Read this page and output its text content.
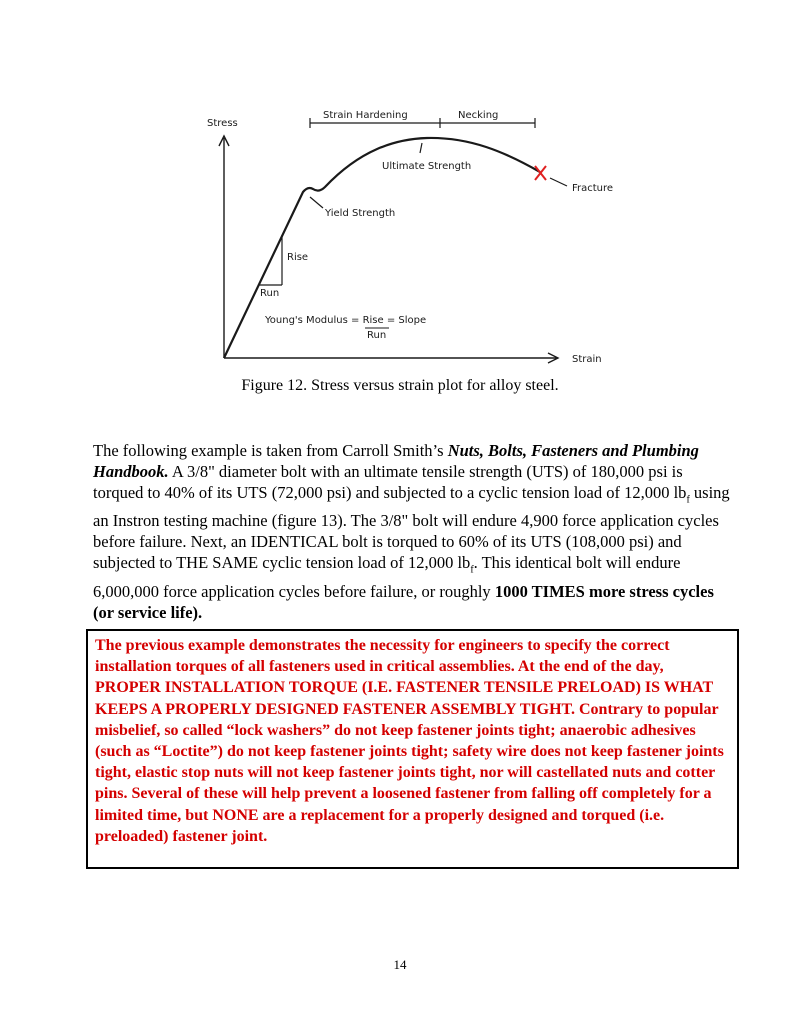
Stress
Strain
Strain Hardening	Necking
Ultimate Strength
Fracture
Yield Strength
Rise
Run
Young's Modulus = Rise = Slope
Run
Figure 12. Stress versus strain plot for alloy steel.
The following example is taken from Carroll Smith’s Nuts, Bolts, Fasteners and Plumbing Handbook. A 3/8" diameter bolt with an ultimate tensile strength (UTS) of 180,000 psi is torqued to 40% of its UTS (72,000 psi) and subjected to a cyclic tension load of 12,000 $lb_f$ using an Instron testing machine (figure 13). The 3/8" bolt will endure 4,900 force application cycles before failure. Next, an IDENTICAL bolt is torqued to 60% of its UTS (108,000 psi) and subjected to THE SAME cyclic tension load of 12,000 $lb_f$. This identical bolt will endure 6,000,000 force application cycles before failure, or roughly 1000 TIMES more stress cycles (or service life).
The previous example demonstrates the necessity for engineers to specify the correct installation torques of all fasteners used in critical assemblies. At the end of the day, PROPER INSTALLATION TORQUE (I.E. FASTENER TENSILE PRELOAD) IS WHAT KEEPS A PROPERLY DESIGNED FASTENER ASSEMBLY TIGHT. Contrary to popular misbelief, so called “lock washers” do not keep fastener joints tight; anaerobic adhesives (such as “Loctite”) do not keep fastener joints tight; safety wire does not keep fastener joints tight, elastic stop nuts will not keep fastener joints tight, nor will castellated nuts and cotter pins. Several of these will help prevent a loosened fastener from falling off completely for a limited time, but NONE are a replacement for a properly designed and torqued (i.e. preloaded) fastener joint.
14
